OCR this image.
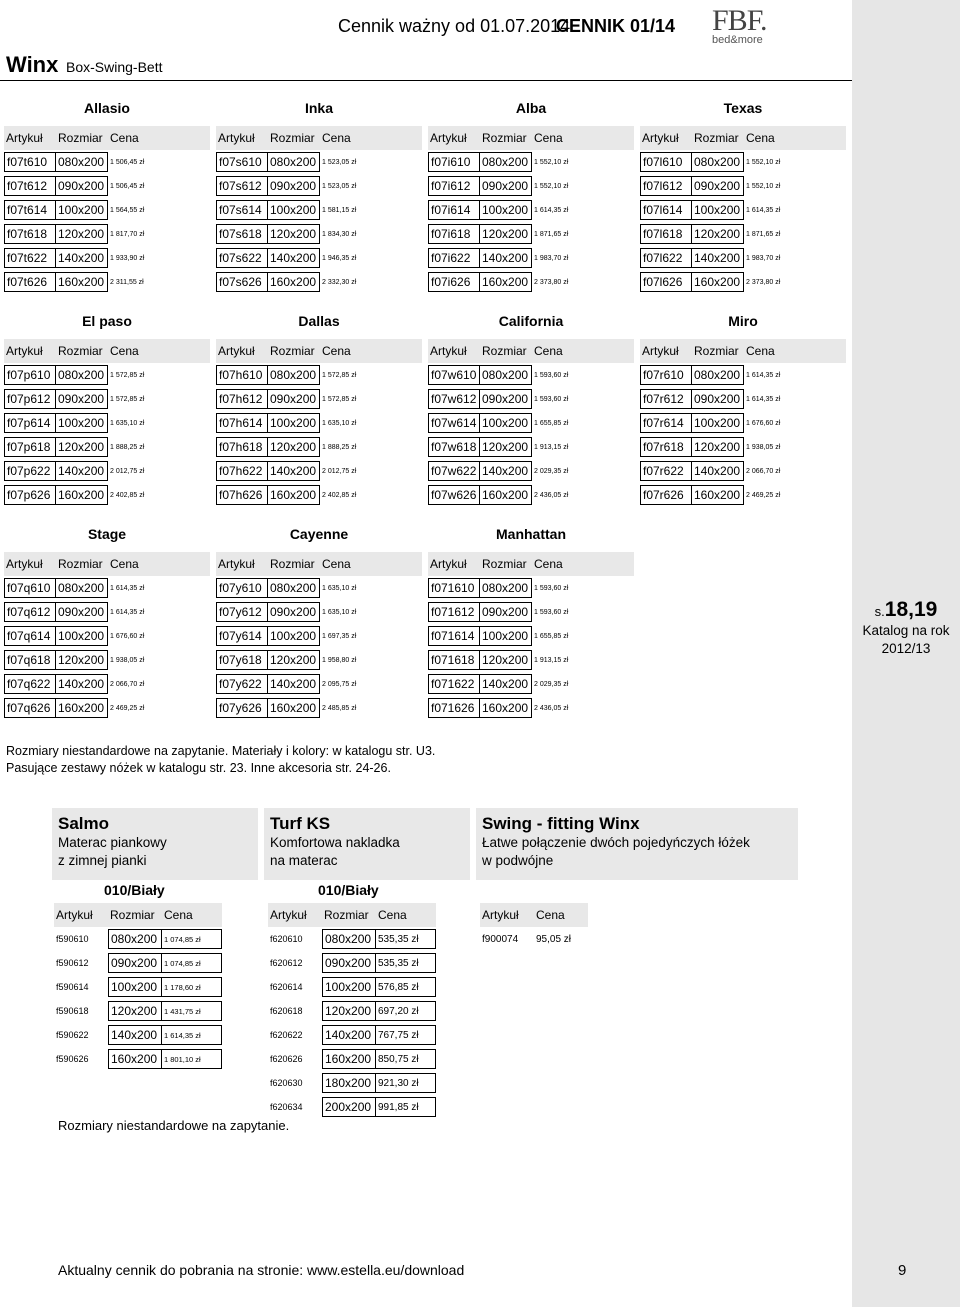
Cennik ważny od 01.07.2014
CENNIK 01/14 FBF.
bed&more
Winx Box-Swing-Bett
Allasio
Artykuł	Rozmiar Cena
f07t610 080x200 1 506,45 zł
f07t612 090x200 1 506,45 zł
f07t614 100x200 1 564,55 zł
f07t618 120x200 1 817,70 zł
f07t622 140x200 1 933,90 zł
f07t626 160x200 2 311,55 zł
Inka
Artykuł	Rozmiar Cena
f07s610 080x200 1 523,05 zł
f07s612 090x200 1 523,05 zł
f07s614 100x200 1 581,15 zł
f07s618 120x200 1 834,30 zł
f07s622 140x200 1 946,35 zł
f07s626 160x200 2 332,30 zł
Alba
Artykuł	Rozmiar Cena
f07i610 080x200 1 552,10 zł
f07i612 090x200 1 552,10 zł
f07i614 100x200 1 614,35 zł
f07i618 120x200 1 871,65 zł
f07i622 140x200 1 983,70 zł
f07i626 160x200 2 373,80 zł
Texas
Artykuł	Rozmiar Cena
f07l610 080x200 1 552,10 zł
f07l612 090x200 1 552,10 zł
f07l614 100x200 1 614,35 zł
f07l618 120x200 1 871,65 zł
f07l622 140x200 1 983,70 zł
f07l626 160x200 2 373,80 zł
El paso
Artykuł	Rozmiar Cena
f07p610 080x200 1 572,85 zł
f07p612 090x200 1 572,85 zł
f07p614 100x200 1 635,10 zł
f07p618 120x200 1 888,25 zł
f07p622 140x200 2 012,75 zł
f07p626 160x200 2 402,85 zł
Dallas
Artykuł	Rozmiar Cena
f07h610 080x200 1 572,85 zł
f07h612 090x200 1 572,85 zł
f07h614 100x200 1 635,10 zł
f07h618 120x200 1 888,25 zł
f07h622 140x200 2 012,75 zł
f07h626 160x200 2 402,85 zł
California
Artykuł	Rozmiar Cena
f07w610 080x200 1 593,60 zł
f07w612 090x200 1 593,60 zł
f07w614 100x200 1 655,85 zł
f07w618 120x200 1 913,15 zł
f07w622 140x200 2 029,35 zł
f07w626 160x200 2 436,05 zł
Miro
Artykuł	Rozmiar Cena
f07r610 080x200 1 614,35 zł
f07r612 090x200 1 614,35 zł
f07r614 100x200 1 676,60 zł
f07r618 120x200 1 938,05 zł
f07r622 140x200 2 066,70 zł
f07r626 160x200 2 469,25 zł
Stage
Artykuł	Rozmiar Cena
f07q610 080x200 1 614,35 zł
f07q612 090x200 1 614,35 zł
f07q614 100x200 1 676,60 zł
f07q618 120x200 1 938,05 zł
f07q622 140x200 2 066,70 zł
f07q626 160x200 2 469,25 zł
Cayenne
Artykuł	Rozmiar Cena
f07y610 080x200 1 635,10 zł
f07y612 090x200 1 635,10 zł
f07y614 100x200 1 697,35 zł
f07y618 120x200 1 958,80 zł
f07y622 140x200 2 095,75 zł
f07y626 160x200 2 485,85 zł
Manhattan
Artykuł	Rozmiar Cena
f071610 080x200 1 593,60 zł
f071612 090x200 1 593,60 zł
f071614 100x200 1 655,85 zł
f071618 120x200 1 913,15 zł
f071622 140x200 2 029,35 zł
f071626 160x200 2 436,05 zł
s.18,19
Katalog na rok
2012/13
Rozmiary niestandardowe na zapytanie. Materiały i kolory: w katalogu str. U3.
Pasujące zestawy nóżek w katalogu str. 23. Inne akcesoria str. 24-26.
Salmo
Materac piankowy
z zimnej pianki
Turf KS
Komfortowa nakladka
na materac
Swing - fitting Winx
Łatwe połączenie dwóch pojedyńczych łóżek
w podwójne
010/Biały	010/Biały
Artykuł	Rozmiar Cena
f590610	080x200 1 074,85 zł
f590612	090x200 1 074,85 zł
f590614	100x200 1 178,60 zł
f590618	120x200 1 431,75 zł
f590622	140x200 1 614,35 zł
f590626	160x200 1 801,10 zł
Artykuł	Rozmiar Cena
f620610	080x200 535,35 zł
f620612	090x200 535,35 zł
f620614	100x200 576,85 zł
f620618	120x200 697,20 zł
f620622	140x200 767,75 zł
f620626	160x200 850,75 zł
f620630	180x200 921,30 zł
f620634	200x200 991,85 zł
Artykuł	Cena
f900074	95,05 zł
Rozmiary niestandardowe na zapytanie.
Aktualny cennik do pobrania na stronie: www.estella.eu/download	9
